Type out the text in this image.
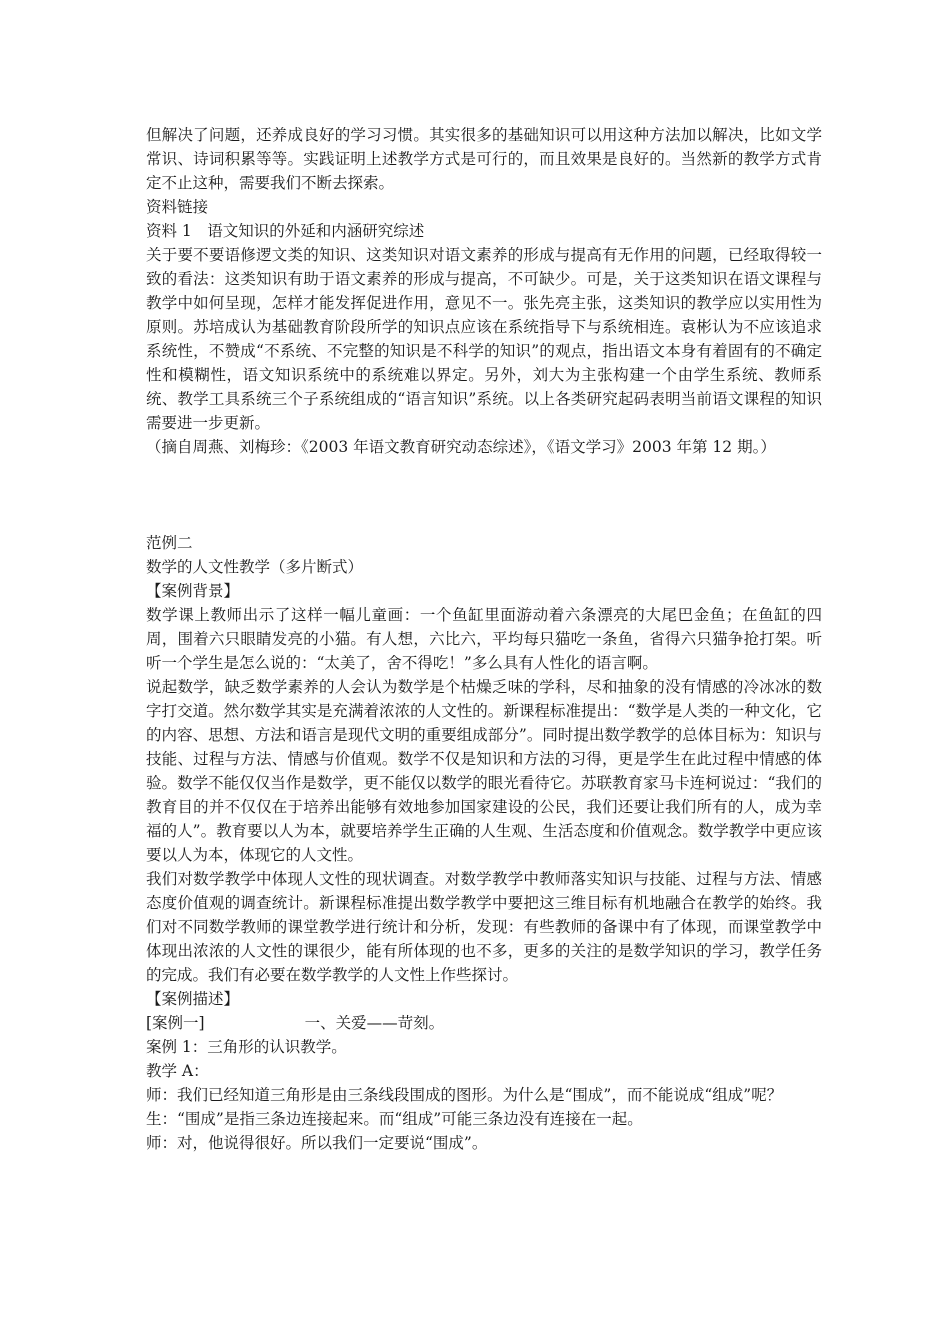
但解决了问题，还养成良好的学习习惯。其实很多的基础知识可以用这种方法加以解决，比如文学常识、诗词积累等等。实践证明上述教学方式是可行的，而且效果是良好的。当然新的教学方式肯定不止这种，需要我们不断去探索。

资料链接

资料 1　语文知识的外延和内涵研究综述

关于要不要语修逻文类的知识、这类知识对语文素养的形成与提高有无作用的问题，已经取得较一致的看法：这类知识有助于语文素养的形成与提高，不可缺少。可是，关于这类知识在语文课程与教学中如何呈现，怎样才能发挥促进作用，意见不一。张先亮主张，这类知识的教学应以实用性为原则。苏培成认为基础教育阶段所学的知识点应该在系统指导下与系统相连。袁彬认为不应该追求系统性，不赞成“不系统、不完整的知识是不科学的知识”的观点，指出语文本身有着固有的不确定性和模糊性，语文知识系统中的系统难以界定。另外，刘大为主张构建一个由学生系统、教师系统、教学工具系统三个子系统组成的“语言知识”系统。以上各类研究起码表明当前语文课程的知识需要进一步更新。

（摘自周燕、刘梅珍：《2003 年语文教育研究动态综述》，《语文学习》2003 年第 12 期。）

范例二

数学的人文性教学（多片断式）

【案例背景】

数学课上教师出示了这样一幅儿童画：一个鱼缸里面游动着六条漂亮的大尾巴金鱼；在鱼缸的四周，围着六只眼睛发亮的小猫。有人想，六比六，平均每只猫吃一条鱼，省得六只猫争抢打架。听听一个学生是怎么说的：“太美了，舍不得吃！”多么具有人性化的语言啊。

说起数学，缺乏数学素养的人会认为数学是个枯燥乏味的学科，尽和抽象的没有情感的冷冰冰的数字打交道。然尔数学其实是充满着浓浓的人文性的。新课程标准提出：“数学是人类的一种文化，它的内容、思想、方法和语言是现代文明的重要组成部分”。同时提出数学教学的总体目标为：知识与技能、过程与方法、情感与价值观。数学不仅是知识和方法的习得，更是学生在此过程中情感的体验。数学不能仅仅当作是数学，更不能仅以数学的眼光看待它。苏联教育家马卡连柯说过：“我们的教育目的并不仅仅在于培养出能够有效地参加国家建设的公民，我们还要让我们所有的人，成为幸福的人”。教育要以人为本，就要培养学生正确的人生观、生活态度和价值观念。数学教学中更应该要以人为本，体现它的人文性。

我们对数学教学中体现人文性的现状调查。对数学教学中教师落实知识与技能、过程与方法、情感态度价值观的调查统计。新课程标准提出数学教学中要把这三维目标有机地融合在教学的始终。我们对不同数学教师的课堂教学进行统计和分析，发现：有些教师的备课中有了体现，而课堂教学中体现出浓浓的人文性的课很少，能有所体现的也不多，更多的关注的是数学知识的学习，教学任务的完成。我们有必要在数学教学的人文性上作些探讨。

【案例描述】

[案例一]	一、关爱——苛刻。

案例 1：三角形的认识教学。

教学 A：

师：我们已经知道三角形是由三条线段围成的图形。为什么是“围成”，而不能说成“组成”呢？

生：“围成”是指三条边连接起来。而“组成”可能三条边没有连接在一起。

师：对，他说得很好。所以我们一定要说“围成”。
